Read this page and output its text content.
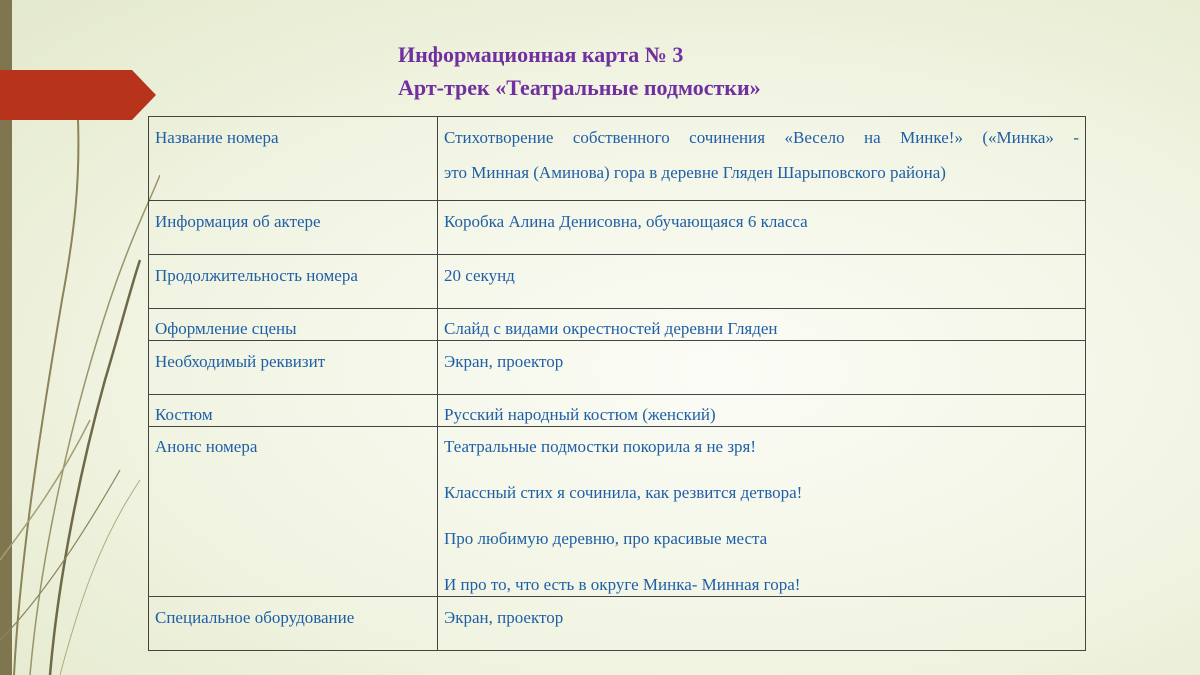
Информационная карта № 3
Арт-трек «Театральные подмостки»
Название номера	Стихотворение собственного сочинения «Весело на Минке!» («Минка» -

это Минная (Аминова) гора в деревне Гляден Шарыповского района)

Информация об актере	Коробка Алина Денисовна, обучающаяся 6 класса

Продолжительность номера	20 секунд

Оформление сцены	Слайд с видами окрестностей деревни Гляден

Необходимый реквизит	Экран, проектор

Костюм	Русский народный костюм (женский)

Анонс номера	Театральные подмостки покорила я не зря!

Классный стих я сочинила, как резвится детвора!

Про любимую деревню, про красивые места

И про то, что есть в округе Минка- Минная гора!

Специальное оборудование	Экран, проектор
